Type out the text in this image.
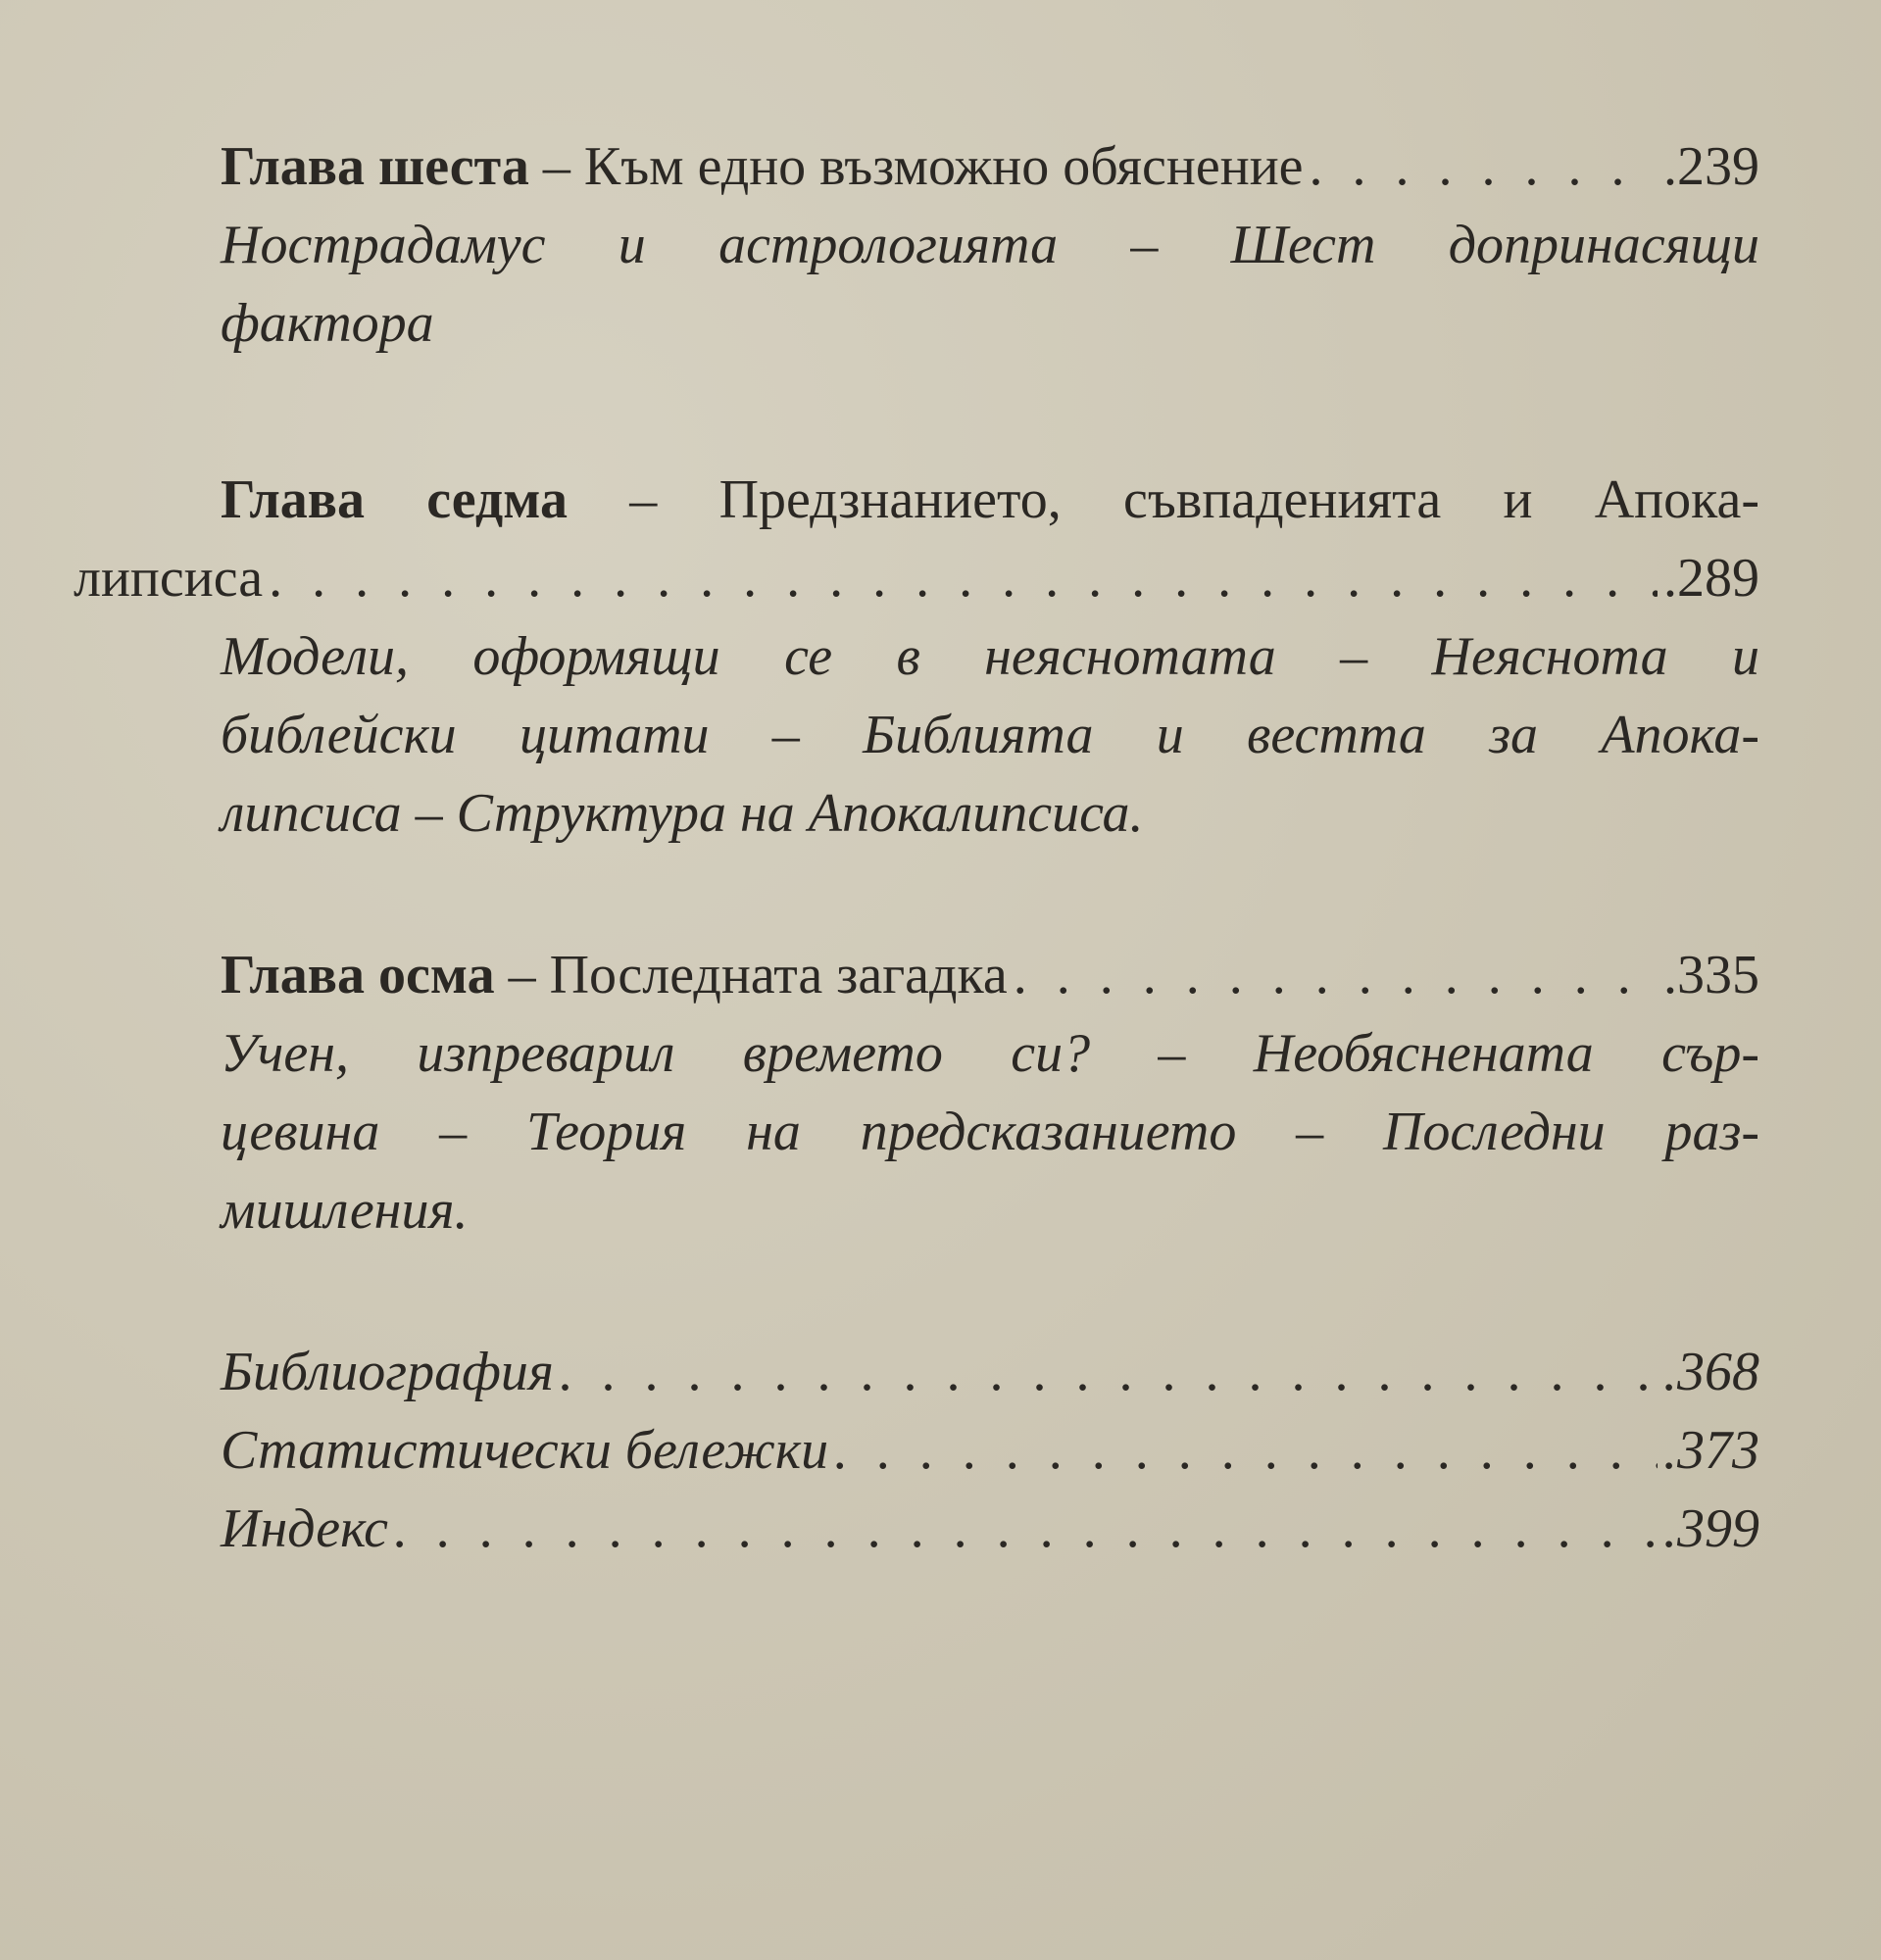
Глава шеста – Към едно възможно обяснение . . .	.239
Нострадамус и астрологията – Шест допринасящи
фактора
Глава седма – Предзнанието, съвпаденията и Апока-
липсиса . . .	.289
Модели, оформящи се в неяснотата – Неяснота и
библейски цитати – Библията и вестта за Апока-
липсиса – Структура на Апокалипсиса.
Глава осма – Последната загадка . . .	.335
Учен, изпреварил времето си? – Необяснената сър-
цевина – Теория на предсказанието – Последни раз-
мишления.
Библиография . . .	.368
Статистически бележки . . .	.373
Индекс . . .	.399
